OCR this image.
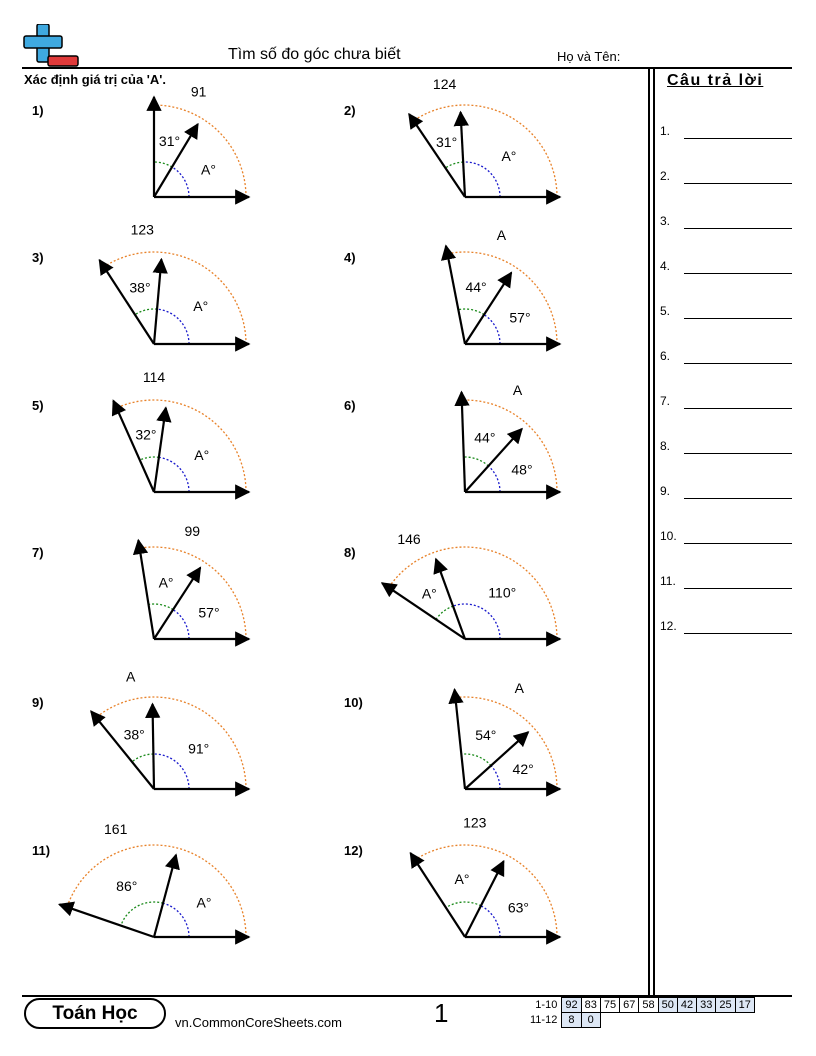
Tìm số đo góc chưa biết	Họ và Tên:
Xác định giá trị của 'A'.	Câu trả lời
1.
2.
3.
4.
5.
6.
7.
8.
9.
10.
11.
12.
1)	2)
3)	4)
5)	6)
7)	8)
9)	10)
11)	12)
91
31°
A°
124
31°
A°
123
38°
A°
A
44°
57°
114
32°
A°
A
44°
48°
99
A°
57°
146
A°	110°
A
38°
91°
A
54°
42°
161
86°
A°
123
A°
63°
Toán Học	vn.CommonCoreSheets.com	1	1-10	92	83	75	67	58	50	42	33	25	17
11-12	8	0								
